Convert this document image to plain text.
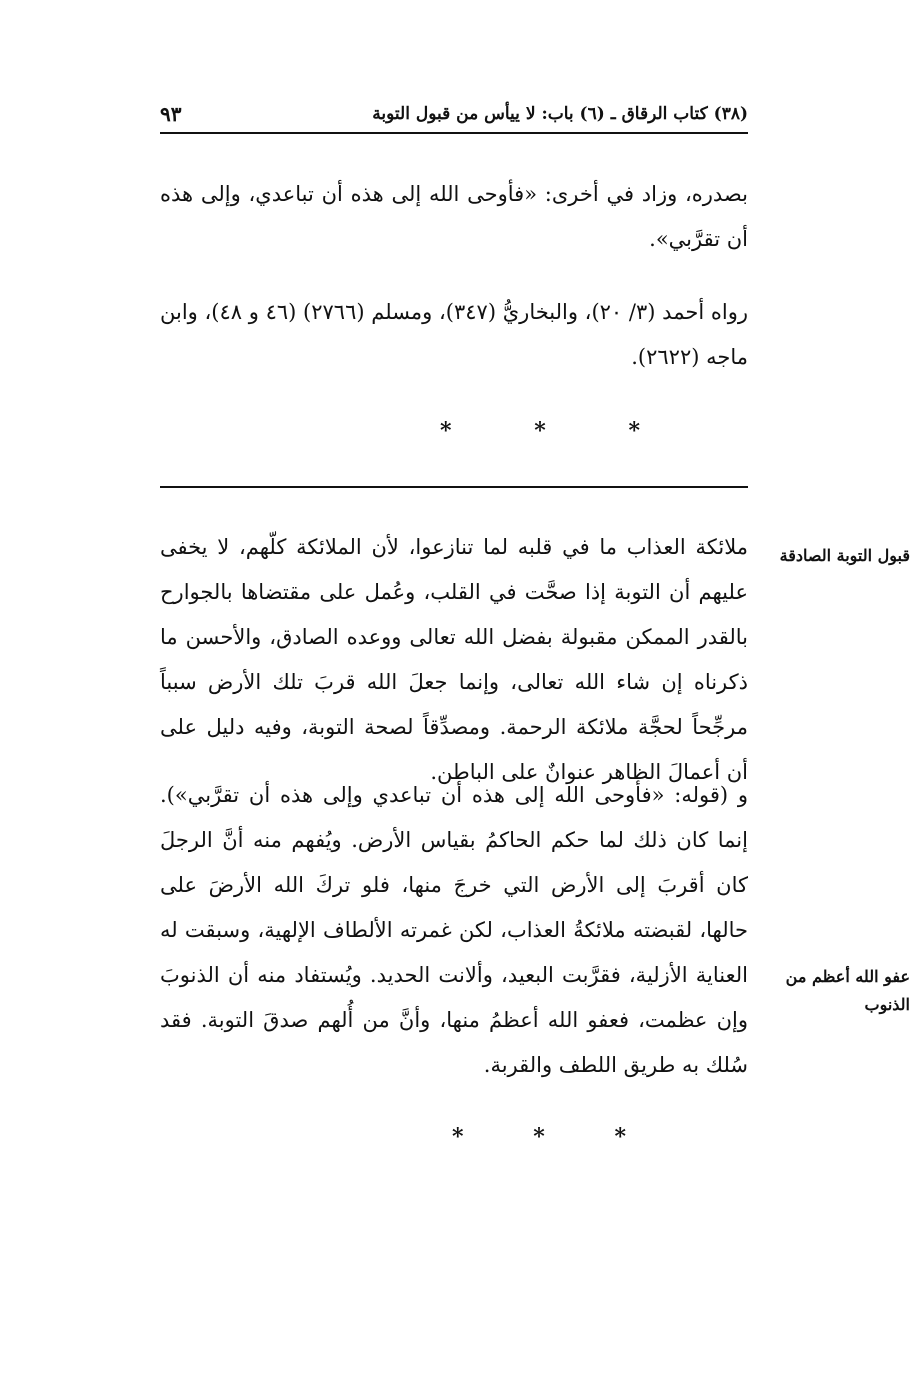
(٣٨) كتاب الرقاق ـ (٦) باب: لا ييأس من قبول التوبة
٩٣

بصدره، وزاد في أخرى: «فأوحى الله إلى هذه أن تباعدي، وإلى هذه أن تقرَّبي».

رواه أحمد (٣/ ٢٠)، والبخاريُّ (٣٤٧)، ومسلم (٢٧٦٦) (٤٦ و ٤٨)، وابن ماجه (٢٦٢٢).

*	*	*

ملائكة العذاب ما في قلبه لما تنازعوا، لأن الملائكة كلّهم، لا يخفى عليهم أن التوبة إذا صحَّت في القلب، وعُمل على مقتضاها بالجوارح بالقدر الممكن مقبولة بفضل الله تعالى ووعده الصادق، والأحسن ما ذكرناه إن شاء الله تعالى، وإنما جعلَ الله قربَ تلك الأرض سبباً مرجِّحاً لحجَّة ملائكة الرحمة. ومصدِّقاً لصحة التوبة، وفيه دليل على أن أعمالَ الظاهر عنوانٌ على الباطن.

و (قوله: «فأوحى الله إلى هذه أن تباعدي وإلى هذه أن تقرَّبي»). إنما كان ذلك لما حكم الحاكمُ بقياس الأرض. ويُفهم منه أنَّ الرجلَ كان أقربَ إلى الأرض التي خرجَ منها، فلو تركَ الله الأرضَ على حالها، لقبضته ملائكةُ العذاب، لكن غمرته الألطاف الإلهية، وسبقت له العناية الأزلية، فقرَّبت البعيد، وألانت الحديد. ويُستفاد منه أن الذنوبَ وإن عظمت، فعفو الله أعظمُ منها، وأنَّ من أُلهم صدقَ التوبة. فقد سُلك به طريق اللطف والقربة.

قبول التوبة الصادقة
عفو الله أعظم من الذنوب
*	*	*
